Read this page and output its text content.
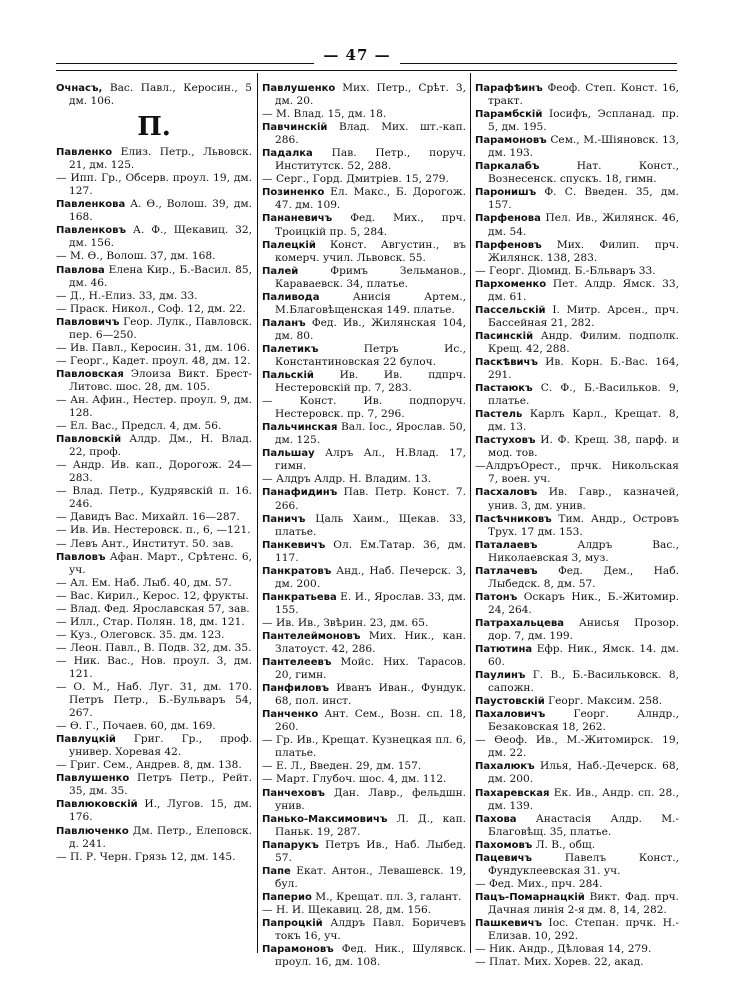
— 47 —

Очнасъ, Вас. Павл., Керосин., 5 дм. 106.

П.

Павленко Елиз. Петр., Львовск. 21, дм. 125.

— Ипп. Гр., Обсерв. проул. 19, дм. 127.

Павленкова А. Ѳ., Волош. 39, дм. 168.

Павленковъ А. Ф., Щекавиц. 32, дм. 156.

— М. Ѳ., Волош. 37, дм. 168.

Павлова Елена Кир., Б.-Васил. 85, дм. 46.

— Д., Н.-Елиз. 33, дм. 33.

— Праск. Никол., Соф. 12, дм. 22.

Павловичъ Геор. Лулк., Павловск. пер. 6—250.

— Ив. Павл., Керосин. 31, дм. 106.

— Георг., Кадет. проул. 48, дм. 12.

Павловская Элоиза Викт. Брест-Литовс. шос. 28, дм. 105.

— Ан. Афин., Нестер. проул. 9, дм. 128.

— Ел. Вас., Предсл. 4, дм. 56.

Павловскій Алдр. Дм., Н. Влад. 22, проф.

— Андр. Ив. кап., Дорогож. 24—283.

— Влад. Петр., Кудрявскій п. 16. 246.

— Давидъ Вас. Михайл. 16—287.

— Ив. Ив. Нестеровск. п., 6, —121.

— Левъ Ант., Институт. 50. зав.

Павловъ Афан. Март., Срѣтенс. 6, уч.

— Ал. Ем. Наб. Лыб. 40, дм. 57.

— Вас. Кирил., Керос. 12, фрукты.

— Влад. Фед. Ярославская 57, зав.

— Илл., Стар. Полян. 18, дм. 121.

— Куз., Олеговск. 35. дм. 123.

— Леон. Павл., В. Подв. 32, дм. 35.

— Ник. Вас., Нов. проул. 3, дм. 121.

— О. М., Наб. Луг. 31, дм. 170. Петръ Петр., Б.-Бульваръ 54, 267.

— Ѳ. Г., Почаев. 60, дм. 169.

Павлуцкій Григ. Гр., проф. универ. Хоревая 42.

— Григ. Сем., Андрев. 8, дм. 138.

Павлушенко Петръ Петр., Рейт. 35, дм. 35.

Павлюковскій И., Лугов. 15, дм. 176.

Павлюченко Дм. Петр., Елеповск. д. 241.

— П. Р. Черн. Грязь 12, дм. 145.

Павлушенко Мих. Петр., Срѣт. 3, дм. 20.

— М. Влад. 15, дм. 18.

Павчинскій Влад. Мих. шт.-кап. 286.

Падалка Пав. Петр., поруч. Институтск. 52, 288.

— Серг., Горд. Дмитріев. 15, 279.

Позиненко Ел. Макс., Б. Дорогож. 47. дм. 109.

Пананевичъ Фед. Мих., прч. Троицкій пр. 5, 284.

Палецкій Конст. Августин., въ комерч. учил. Львовск. 55.

Палей	Фримъ Зельманов., Караваевск. 34, платье.

Паливода	Анисія Артем., М.Благовѣщенская 149. платье.

Паланъ Фед. Ив., Жилянская 104, дм. 80.

Палетикъ	Петръ Ис., Константиновская 22 булоч.

Пальскій Ив. Ив. пдпрч. Нестеровскій пр. 7, 283.

— Конст. Ив. подпоруч. Нестеровск. пр. 7, 296.

Пальчинская Вал. Іос., Ярослав. 50, дм. 125.

Пальшау Алръ Ал., Н.Влад. 17, гимн.

— Алдръ Алдр. Н. Владим. 13.

Панафидинъ Пав. Петр. Конст. 7. 266.

Паничъ Цаль Хаим., Щекав. 33, платье.

Панкевичъ Ол. Ем.Татар. 36, дм. 117.

Панкратовъ Анд., Наб. Печерск. 3, дм. 200.

Панкратьева Е. И., Ярослав. 33, дм. 155.

— Ив. Ив., Звѣрин. 23, дм. 65.

Пантелеймоновъ Мих. Ник., кан. Златоуст. 42, 286.

Пантелеевъ Мойс. Них. Тарасов. 20, гимн.

Панфиловъ Иванъ Иван., Фундук. 68, пол. инст.

Панченко Ант. Сем., Возн. сп. 18, 260.

— Гр. Ив., Крещат. Кузнецкая пл. 6, платье.

— Е. Л., Введен. 29, дм. 157.

— Март. Глубоч. шос. 4, дм. 112.

Панчеховъ Дан. Лавр., фельдшн. унив.

Панько-Максимовичъ Л. Д., кап. Паньк. 19, 287.

Папарукъ Петръ Ив., Наб. Лыбед. 57.

Папе Екат. Антон., Левашевск. 19, бул.

Папериo М., Крещат. пл. 3, галант.

— Н. И. Щекавиц. 28, дм. 156.

Папроцкій Алдръ Павл. Боричевъ токъ 16, уч.

Парамоновъ Фед. Ник., Шулявск. проул. 16, дм. 108.

Парафѣинъ Феоф. Степ. Конст. 16, тракт.

Парамбскій Іосифъ, Эспланад. пр. 5, дм. 195.

Парамоновъ Сем., М.-Шіяновск. 13, дм. 193.

Паркалабъ	Нат. Конст., Вознесенск. спускъ. 18, гимн.

Паронишъ Ф. С. Введен. 35, дм. 157.

Парфенова Пел. Ив., Жилянск. 46, дм. 54.

Парфеновъ Мих. Филип. прч. Жилянск. 138, 283.

— Георг. Діомид. Б.-Бльваръ 33.

Пархоменко Пет. Алдр. Ямск. 33, дм. 61.

Пассельскій І. Митр. Арсен., прч. Бассейная 21, 282.

Пасинскій Андр. Филим. подполк. Крещ. 42, 288.

Паскѣвичъ Ив. Корн. Б.-Вас. 164, 291.

Пастаюкъ С. Ф., Б.-Васильков. 9, платье.

Пастель Карлъ Карл., Крещат. 8, дм. 13.

Пастуховъ И. Ф. Крещ. 38, парф. и мод. тов.

—АлдръОрест., прчк. Никольская 7, воен. уч.

Пасхаловъ Ив. Гавр., казначей, унив. 3, дм. унив.

Пасѣчниковъ Тим. Андр., Островъ Трух. 17 дм. 153.

Паталаевъ	Алдръ Вас., Николаевская 3, муз.

Патлачевъ Фед. Дем., Наб. Лыбедск. 8, дм. 57.

Патонъ Оскаръ Ник., Б.-Житомир. 24, 264.

Патрахальцева Анисья Прозор. дор. 7, дм. 199.

Патютина Ефр. Ник., Ямск. 14. дм. 60.

Паулинъ Г. В., Б.-Васильковск. 8, сапожн.

Паустовскій Георг. Максим. 258.

Пахаловичъ	Георг. Алндр., Безаковская 18, 262.

— Ѳеоф. Ив., М.-Житомирск. 19, дм. 22.

Пахалюкъ Илья, Наб.-Дечерск. 68, дм. 200.

Пахаревская Ек. Ив., Андр. сп. 28., дм. 139.

Пахова Анастасія Алдр. М.-Благовѣщ. 35, платье.

Пахомовъ Л. В., общ.

Пацевичъ	Павелъ Конст., Фундуклеевская 31. уч.

— Фед. Мих., прч. 284.

Пацъ-Помарнацкій Викт. Фад. прч. Дачная линія 2-я дм. 8, 14, 282.

Пашкевичъ Іос. Степан. прчк. Н.-Елизав. 10, 292.

— Ник. Андр., Дѣловая 14, 279.

— Плат. Мих. Хорев. 22, акад.
